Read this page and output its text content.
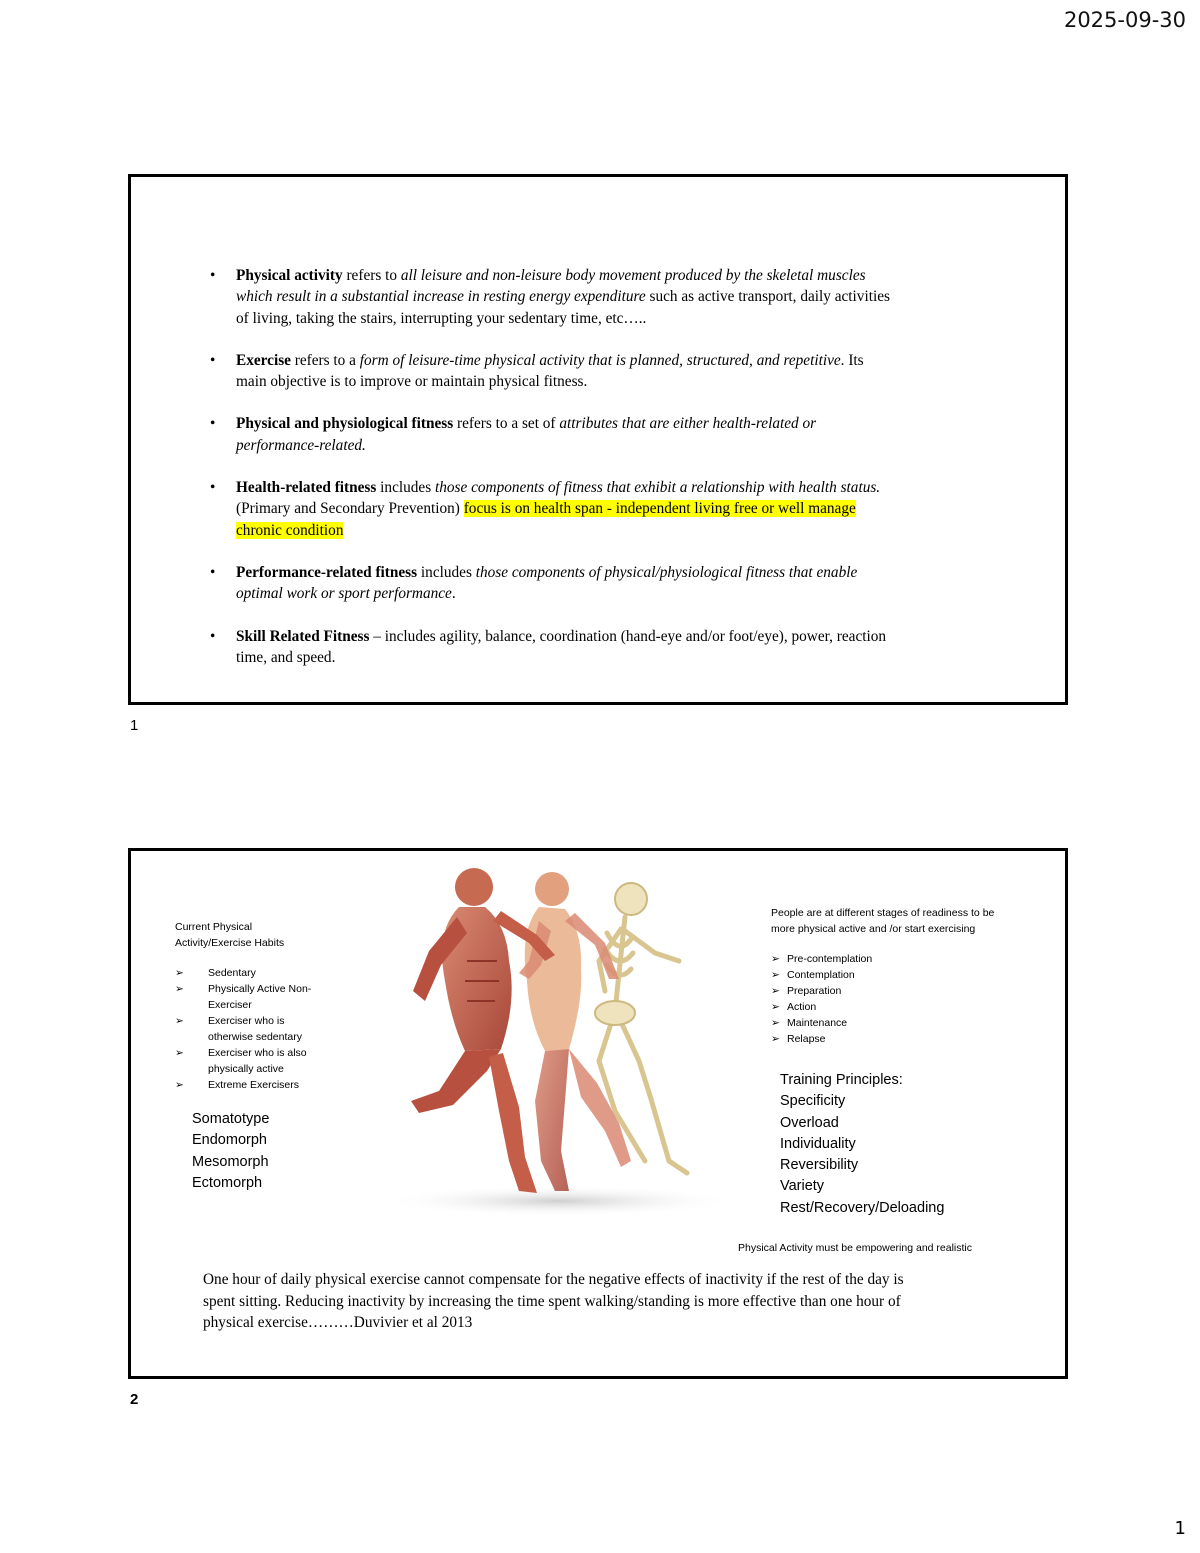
2025-09-30
• Physical activity refers to all leisure and non-leisure body movement produced by the skeletal muscles which result in a substantial increase in resting energy expenditure such as active transport, daily activities of living, taking the stairs, interrupting your sedentary time, etc…..
• Exercise refers to a form of leisure-time physical activity that is planned, structured, and repetitive. Its main objective is to improve or maintain physical fitness.
• Physical and physiological fitness refers to a set of attributes that are either health-related or performance-related.
• Health-related fitness includes those components of fitness that exhibit a relationship with health status. (Primary and Secondary Prevention) focus is on health span - independent living free or well manage chronic condition
• Performance-related fitness includes those components of physical/physiological fitness that enable optimal work or sport performance.
• Skill Related Fitness – includes agility, balance, coordination (hand-eye and/or foot/eye), power, reaction time, and speed.
1
Current Physical
Activity/Exercise Habits
➢ Sedentary
➢ Physically Active Non-Exerciser
➢ Exerciser who is otherwise sedentary
➢ Exerciser who is also physically active
➢ Extreme Exercisers
Somatotype
Endomorph
Mesomorph
Ectomorph
People are at different stages of readiness to be more physical active and /or start exercising
➢ Pre-contemplation
➢ Contemplation
➢ Preparation
➢ Action
➢ Maintenance
➢ Relapse
Training Principles:
Specificity
Overload
Individuality
Reversibility
Variety
Rest/Recovery/Deloading
Physical Activity must be empowering and realistic
One hour of daily physical exercise cannot compensate for the negative effects of inactivity if the rest of the day is spent sitting. Reducing inactivity by increasing the time spent walking/standing is more effective than one hour of physical exercise………Duvivier et al 2013
2
1
